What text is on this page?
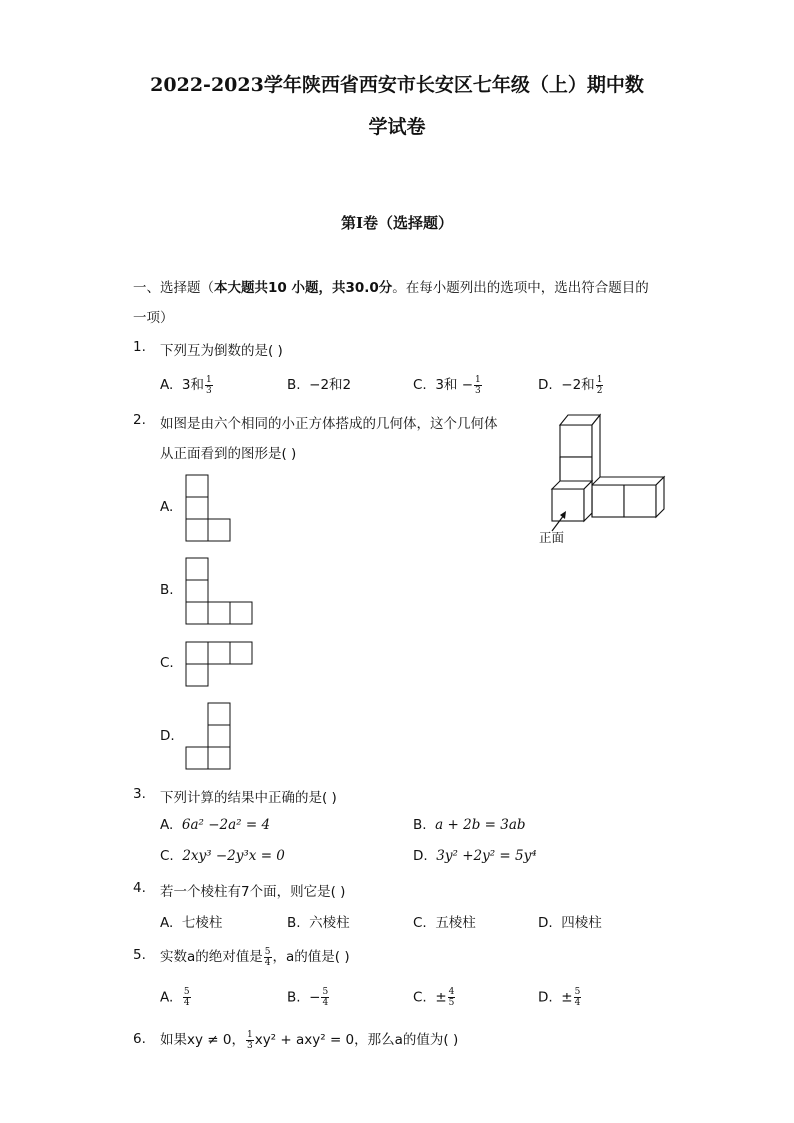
2022-2023学年陕西省西安市长安区七年级（上）期中数
学试卷
第I卷（选择题）
一、选择题（本大题共10 小题，共30.0分。在每小题列出的选项中，选出符合题目的
一项）
1. 下列互为倒数的是( )
A. 3和 $\frac{1}{3}$	B. −2和2	C. 3和 − $\frac{1}{3}$	D. −2和 $\frac{1}{2}$
2. 如图是由六个相同的小正方体搭成的几何体，这个几何体
从正面看到的图形是( )
正面
A.
B.
C.
D.
3. 下列计算的结果中正确的是( )
A. 6a² −2a² = 4	B. a + 2b = 3ab
C. 2xy³ −2y³x = 0	D. 3y² +2y² = 5y⁴
4. 若一个棱柱有7个面，则它是( )
A. 七棱柱	B. 六棱柱	C. 五棱柱	D. 四棱柱
5. 实数a的绝对值是 $\frac{5}{4}$ ，a的值是( )
A. $\frac{5}{4}$	B. − $\frac{5}{4}$	C. ± $\frac{4}{5}$	D. ± $\frac{5}{4}$
6. 如果xy ≠ 0， $\frac{1}{3} xy^2 + axy^2 = 0$，那么a的值为( )
